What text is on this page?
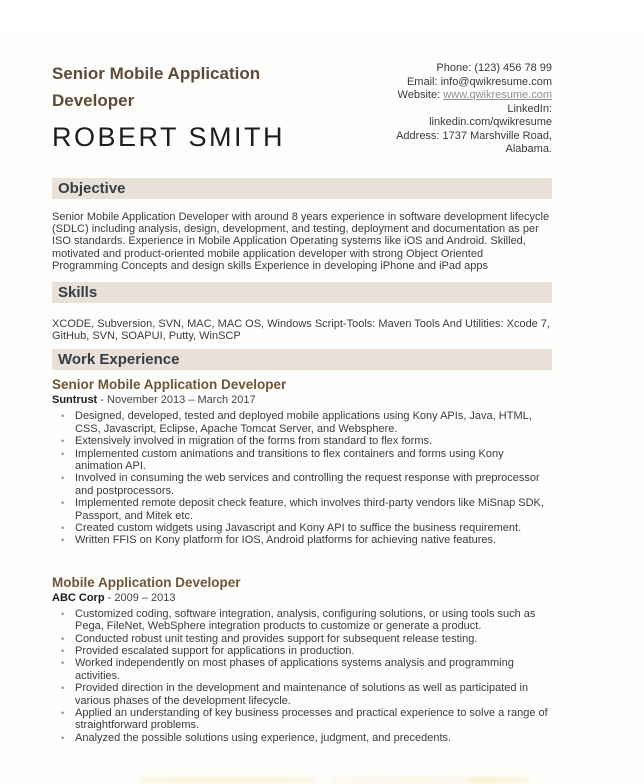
Senior Mobile Application Developer
ROBERT SMITH
Phone: (123) 456 78 99
Email: info@qwikresume.com
Website: www.qwikresume.com
LinkedIn:
linkedin.com/qwikresume
Address: 1737 Marshville Road,
Alabama.
Objective
Senior Mobile Application Developer with around 8 years experience in software development lifecycle (SDLC) including analysis, design, development, and testing, deployment and documentation as per ISO standards. Experience in Mobile Application Operating systems like iOS and Android. Skilled, motivated and product-oriented mobile application developer with strong Object Oriented Programming Concepts and design skills Experience in developing iPhone and iPad apps
Skills
XCODE, Subversion, SVN, MAC, MAC OS, Windows Script-Tools: Maven Tools And Utilities: Xcode 7, GitHub, SVN, SOAPUI, Putty, WinSCP
Work Experience
Senior Mobile Application Developer
Suntrust - November 2013 – March 2017
• Designed, developed, tested and deployed mobile applications using Kony APIs, Java, HTML, CSS, Javascript, Eclipse, Apache Tomcat Server, and Websphere.
• Extensively involved in migration of the forms from standard to flex forms.
• Implemented custom animations and transitions to flex containers and forms using Kony animation API.
• Involved in consuming the web services and controlling the request response with preprocessor and postprocessors.
• Implemented remote deposit check feature, which involves third-party vendors like MiSnap SDK, Passport, and Mitek etc.
• Created custom widgets using Javascript and Kony API to suffice the business requirement.
• Written FFIS on Kony platform for IOS, Android platforms for achieving native features.
Mobile Application Developer
ABC Corp - 2009 – 2013
• Customized coding, software integration, analysis, configuring solutions, or using tools such as Pega, FileNet, WebSphere integration products to customize or generate a product.
• Conducted robust unit testing and provides support for subsequent release testing.
• Provided escalated support for applications in production.
• Worked independently on most phases of applications systems analysis and programming activities.
• Provided direction in the development and maintenance of solutions as well as participated in various phases of the development lifecycle.
• Applied an understanding of key business processes and practical experience to solve a range of straightforward problems.
• Analyzed the possible solutions using experience, judgment, and precedents.
